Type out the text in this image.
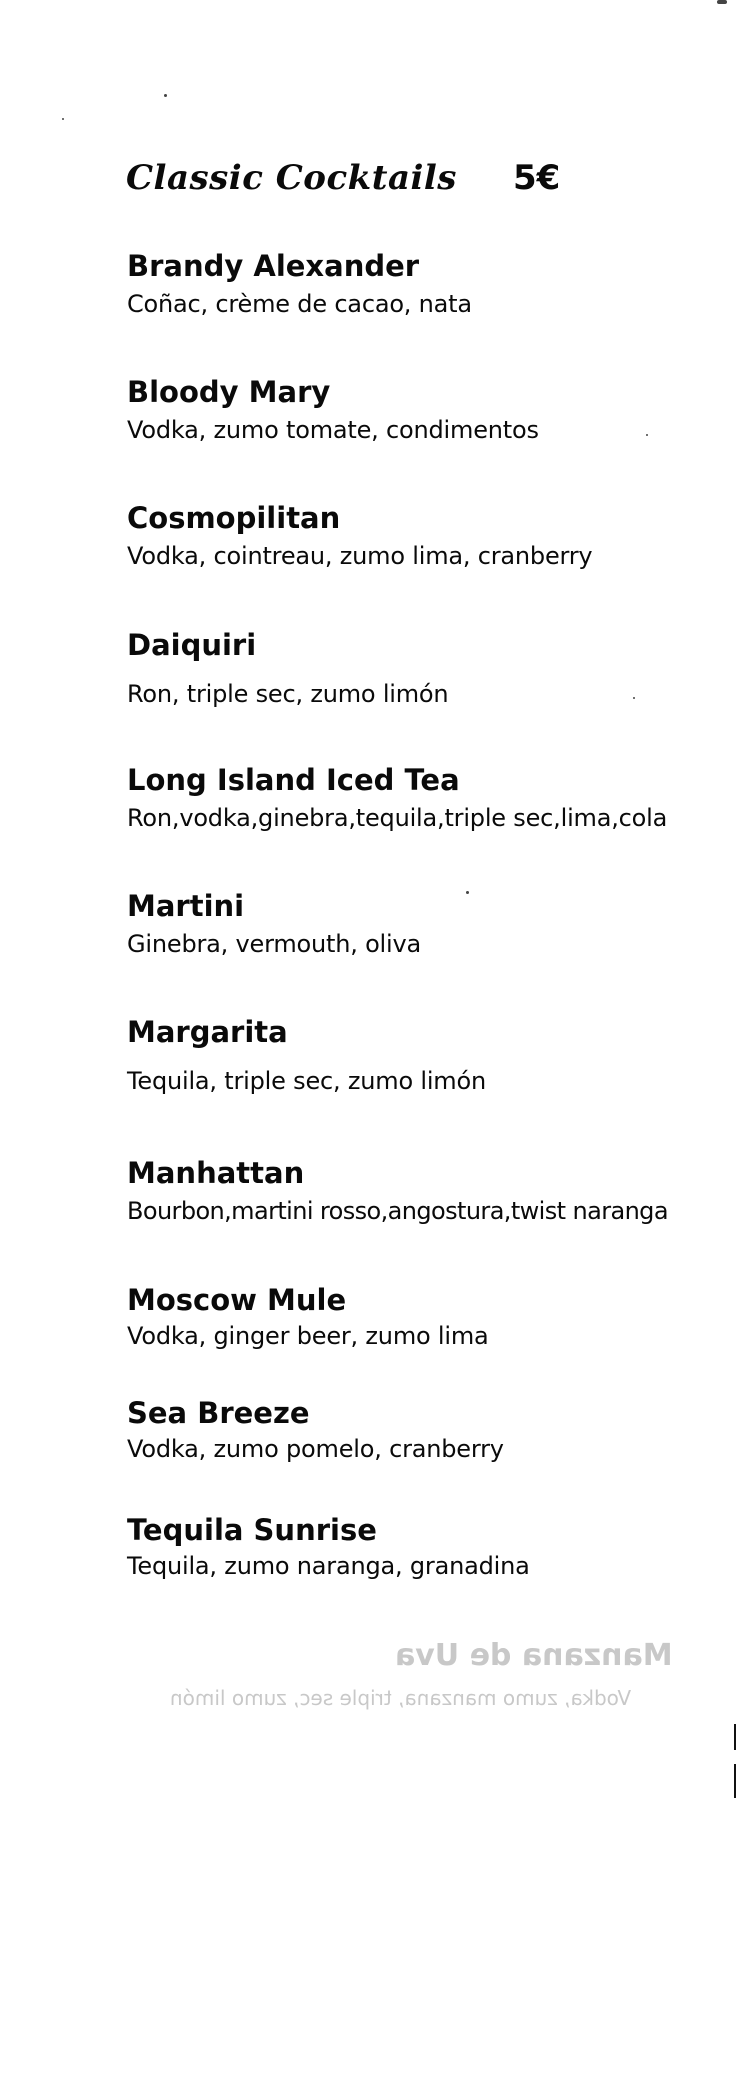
Classic Cocktails 5€
Brandy Alexander
Coñac, crème de cacao, nata
Bloody Mary
Vodka, zumo tomate, condimentos
Cosmopilitan
Vodka, cointreau, zumo lima, cranberry
Daiquiri
Ron, triple sec, zumo limón
Long Island Iced Tea
Ron,vodka,ginebra,tequila,triple sec,lima,cola
Martini
Ginebra, vermouth, oliva
Margarita
Tequila, triple sec, zumo limón
Manhattan
Bourbon,martini rosso,angostura,twist naranga
Moscow Mule
Vodka, ginger beer, zumo lima
Sea Breeze
Vodka, zumo pomelo, cranberry
Tequila Sunrise
Tequila, zumo naranga, granadina
Manzana de Uva
Vodka, zumo manzana, triple sec, zumo limón
